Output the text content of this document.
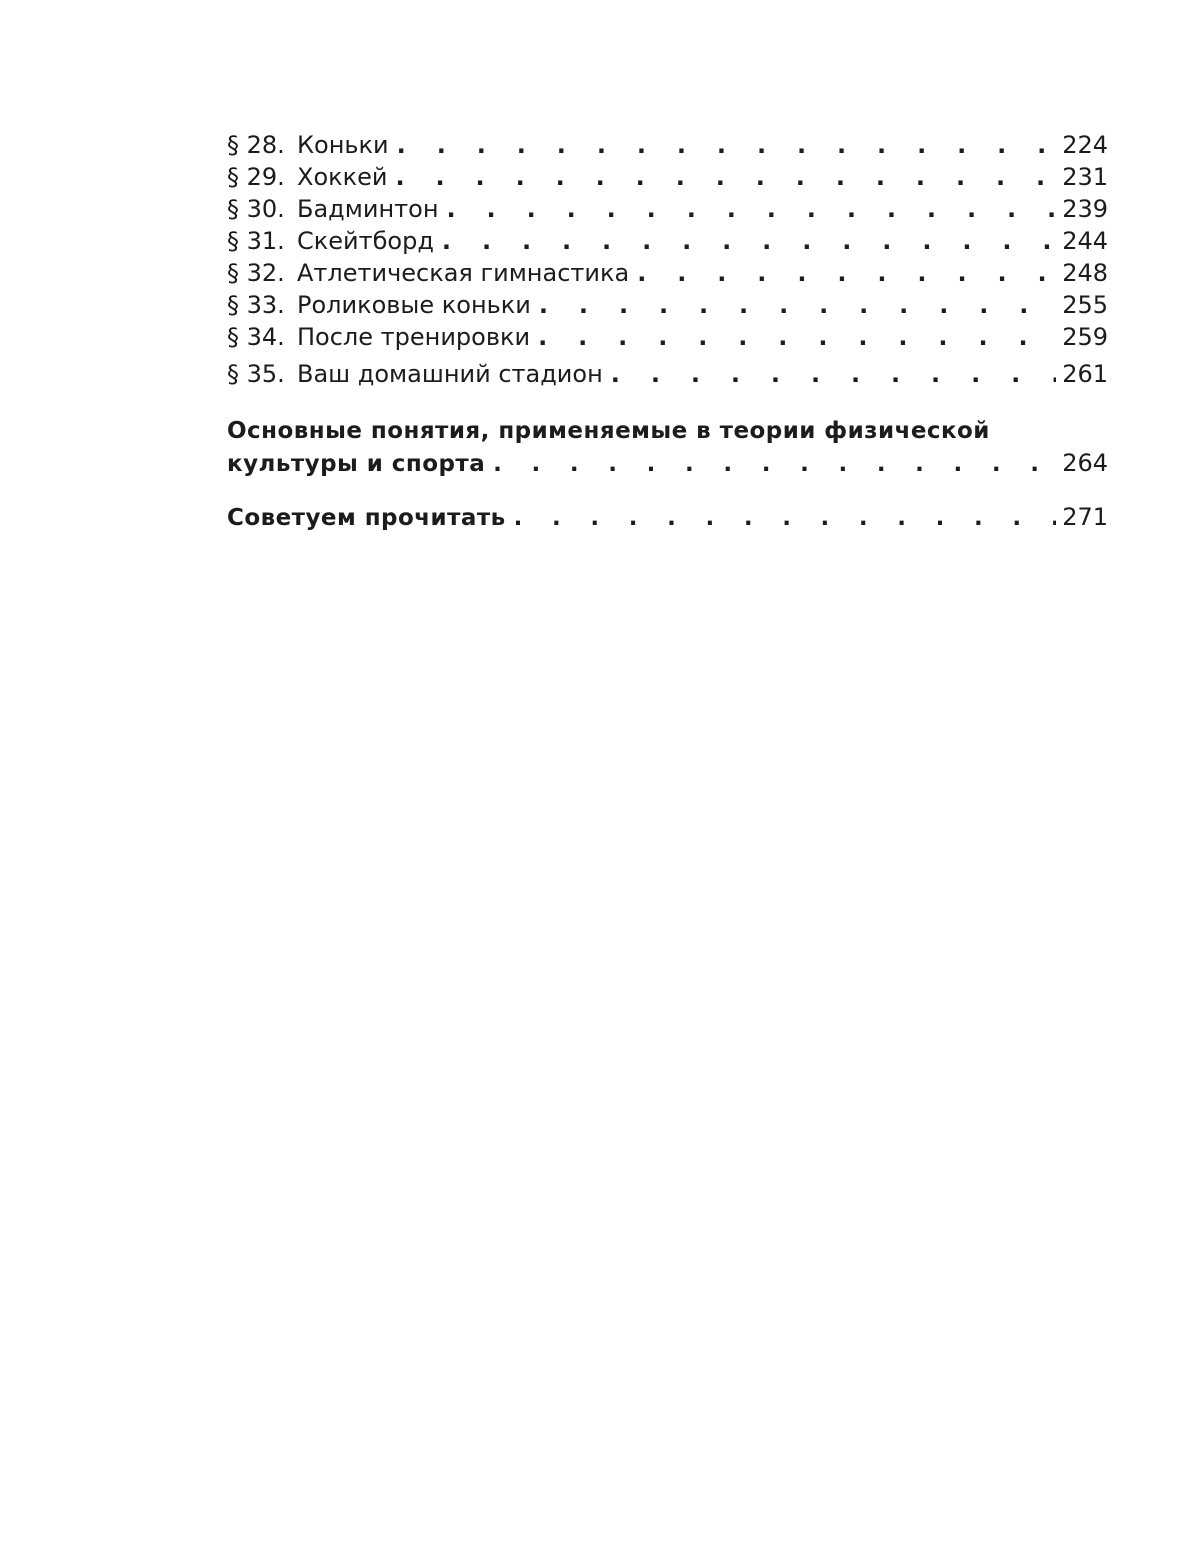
§ 28. Коньки . . .	224
§ 29. Хоккей . . .	231
§ 30. Бадминтон . . .	239
§ 31. Скейтборд . . .	244
§ 32. Атлетическая гимнастика . . .	248
§ 33. Роликовые коньки . . .	255
§ 34. После тренировки . . .	259
§ 35. Ваш домашний стадион . . .	261
Основные понятия, применяемые в теории физической
культуры и спорта . . .	264
Советуем прочитать . . .	271
